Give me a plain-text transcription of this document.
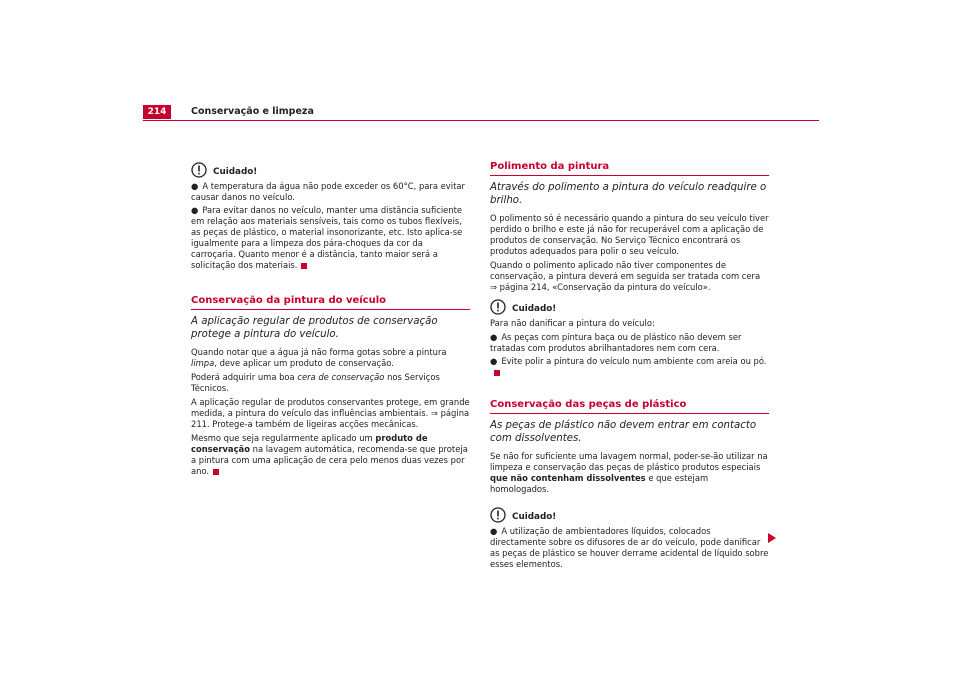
214	Conservação e limpeza
Cuidado!
● A temperatura da água não pode exceder os 60°C, para evitar causar danos no veículo.
● Para evitar danos no veículo, manter uma distância suficiente em relação aos materiais sensíveis, tais como os tubos flexíveis, as peças de plástico, o material insonorizante, etc. Isto aplica-se igualmente para a limpeza dos pára-choques da cor da carroçaria. Quanto menor é a distância, tanto maior será a solicitação dos materiais.
Conservação da pintura do veículo
A aplicação regular de produtos de conservação protege a pintura do veículo.

Quando notar que a água já não forma gotas sobre a pintura limpa, deve aplicar um produto de conservação.

Poderá adquirir uma boa cera de conservação nos Serviços Técnicos.

A aplicação regular de produtos conservantes protege, em grande medida, a pintura do veículo das influências ambientais. ⇒ página 211. Protege-a também de ligeiras acções mecânicas.

Mesmo que seja regularmente aplicado um produto de conservação na lavagem automática, recomenda-se que proteja a pintura com uma aplicação de cera pelo menos duas vezes por ano.

Polimento da pintura
Através do polimento a pintura do veículo readquire o brilho.

O polimento só é necessário quando a pintura do seu veículo tiver perdido o brilho e este já não for recuperável com a aplicação de produtos de conservação. No Serviço Técnico encontrará os produtos adequados para polir o seu veículo.

Quando o polimento aplicado não tiver componentes de conservação, a pintura deverá em seguida ser tratada com cera ⇒ página 214, «Conservação da pintura do veículo».

Cuidado!

Para não danificar a pintura do veículo:

● As peças com pintura baça ou de plástico não devem ser tratadas com produtos abrilhantadores nem com cera.
● Evite polir a pintura do veículo num ambiente com areia ou pó.
Conservação das peças de plástico
As peças de plástico não devem entrar em contacto com dissolventes.

Se não for suficiente uma lavagem normal, poder-se-ão utilizar na limpeza e conservação das peças de plástico produtos especiais que não contenham dissolventes e que estejam homologados.

Cuidado!
● A utilização de ambientadores líquidos, colocados directamente sobre os difusores de ar do veículo, pode danificar as peças de plástico se houver derrame acidental de líquido sobre esses elementos.
